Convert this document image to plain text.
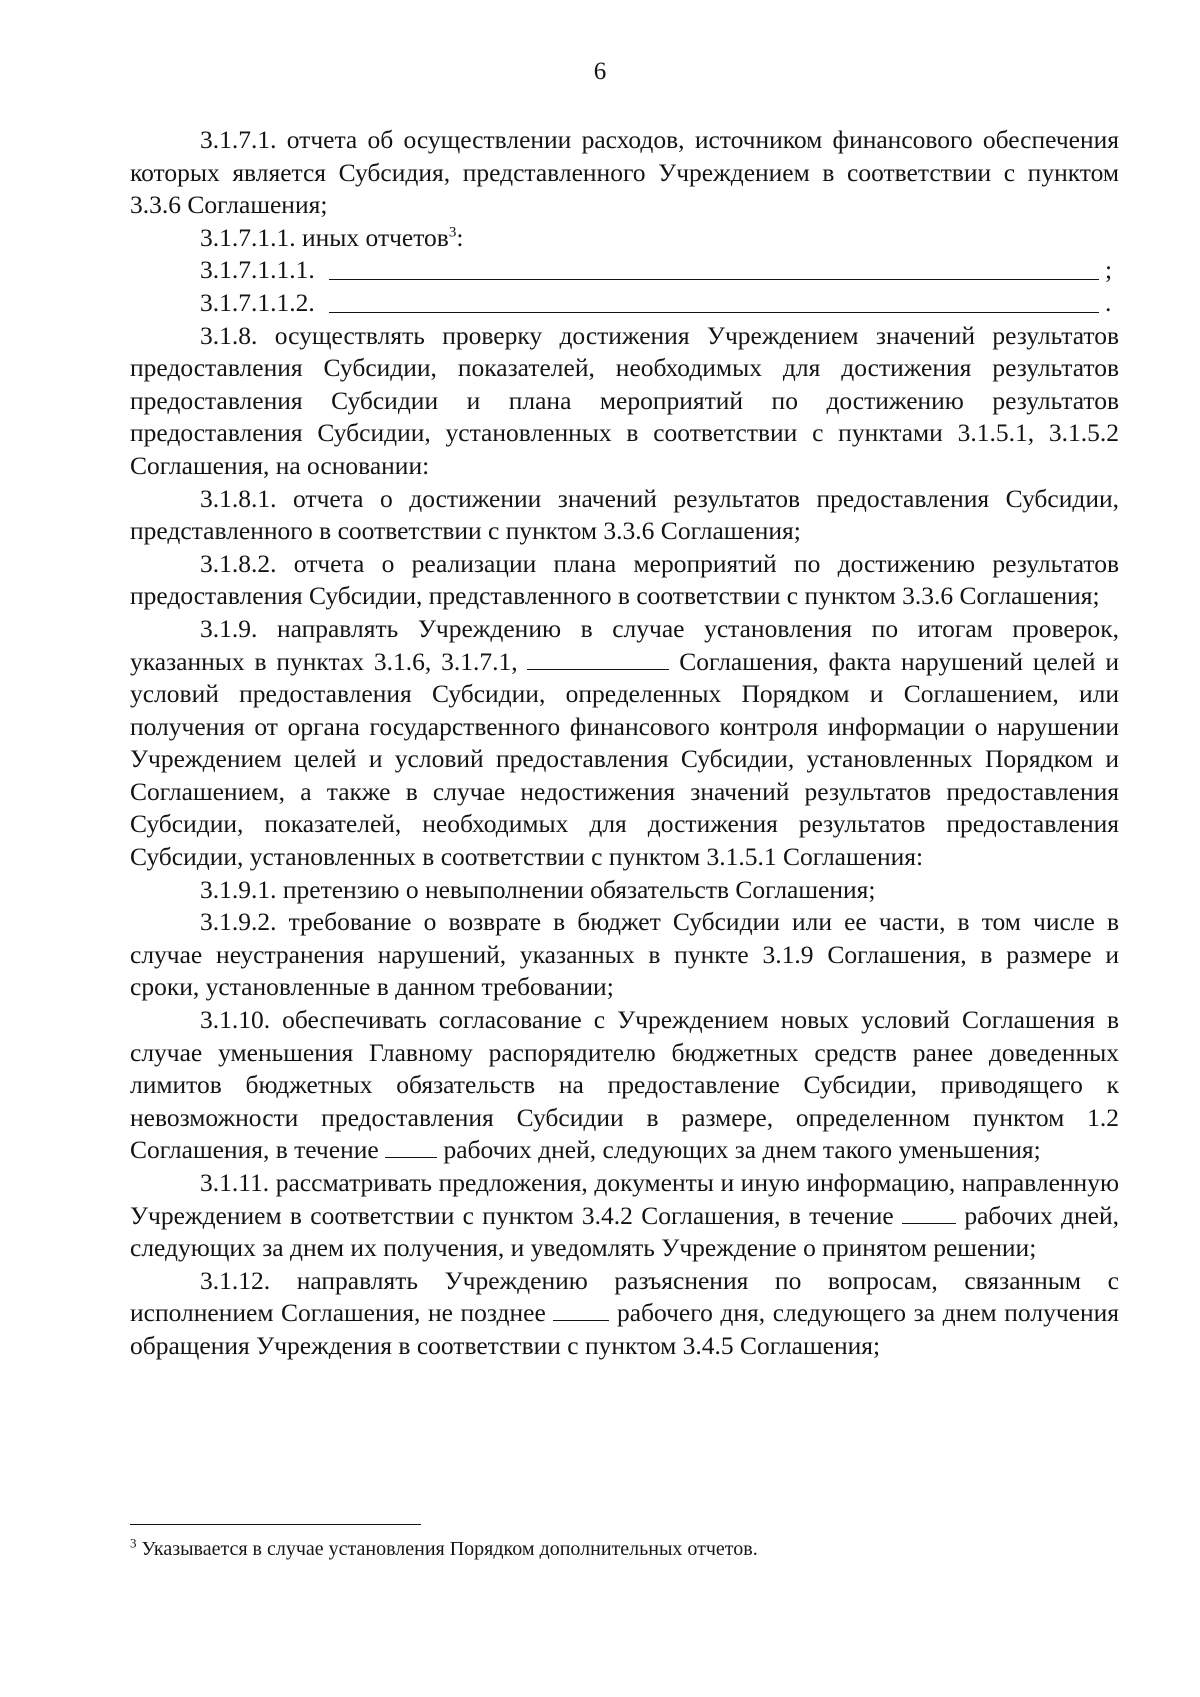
6

3.1.7.1. отчета об осуществлении расходов, источником финансового обеспечения которых является Субсидия, представленного Учреждением в соответствии с пунктом 3.3.6 Соглашения;

3.1.7.1.1. иных отчетов$^3$:

3.1.7.1.1.1.	;
3.1.7.1.1.2.	.

3.1.8. осуществлять проверку достижения Учреждением значений результатов предоставления Субсидии, показателей, необходимых для достижения результатов предоставления Субсидии и плана мероприятий по достижению результатов предоставления Субсидии, установленных в соответствии с пунктами 3.1.5.1, 3.1.5.2 Соглашения, на основании:

3.1.8.1. отчета о достижении значений результатов предоставления Субсидии, представленного в соответствии с пунктом 3.3.6 Соглашения;

3.1.8.2. отчета о реализации плана мероприятий по достижению результатов предоставления Субсидии, представленного в соответствии с пунктом 3.3.6 Соглашения;

3.1.9. направлять Учреждению в случае установления по итогам проверок, указанных в пунктах 3.1.6, 3.1.7.1,	Соглашения, факта нарушений целей и условий предоставления Субсидии, определенных Порядком и Соглашением, или получения от органа государственного финансового контроля информации о нарушении Учреждением целей и условий предоставления Субсидии, установленных Порядком и Соглашением, а также в случае недостижения значений результатов предоставления Субсидии, показателей, необходимых для достижения результатов предоставления Субсидии, установленных в соответствии с пунктом 3.1.5.1 Соглашения:

3.1.9.1. претензию о невыполнении обязательств Соглашения;

3.1.9.2. требование о возврате в бюджет Субсидии или ее части, в том числе в случае неустранения нарушений, указанных в пункте 3.1.9 Соглашения, в размере и сроки, установленные в данном требовании;

3.1.10. обеспечивать согласование с Учреждением новых условий Соглашения в случае уменьшения Главному распорядителю бюджетных средств ранее доведенных лимитов бюджетных обязательств на предоставление Субсидии, приводящего к невозможности предоставления Субсидии в размере, определенном пунктом 1.2 Соглашения, в течение  рабочих дней, следующих за днем такого уменьшения;

3.1.11. рассматривать предложения, документы и иную информацию, направленную Учреждением в соответствии с пунктом 3.4.2 Соглашения, в течение  рабочих дней, следующих за днем их получения, и уведомлять Учреждение о принятом решении;

3.1.12. направлять Учреждению разъяснения по вопросам, связанным с исполнением Соглашения, не позднее  рабочего дня, следующего за днем получения обращения Учреждения в соответствии с пунктом 3.4.5 Соглашения;

$^3$ Указывается в случае установления Порядком дополнительных отчетов.
